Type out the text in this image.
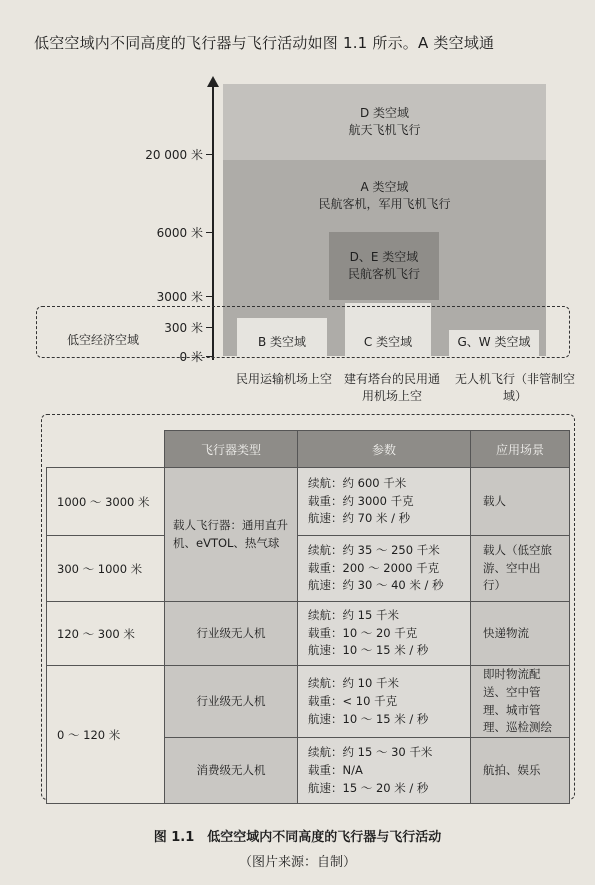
低空空域内不同高度的飞行器与飞行活动如图 1.1 所示。A 类空域通
20 000 米
6000 米
3000 米
300 米
0 米
D 类空域
航天飞机飞行
A 类空域
民航客机，军用飞机飞行
D、E 类空域
民航客机飞行
B 类空域	C 类空域	G、W 类空域
低空经济空域
民用运输机场上空 建有塔台的民用通用机场上空
无人机飞行（非管制空域）
	飞行器类型	参数	应用场景
1000 ～ 3000 米	载人飞行器：通用直升机、eVTOL、热气球	续航：约 600 千米
载重：约 3000 千克
航速：约 70 米 / 秒	载人
300 ～ 1000 米		续航：约 35 ～ 250 千米
载重：200 ～ 2000 千克
航速：约 30 ～ 40 米 / 秒	载人（低空旅游、空中出行）
120 ～ 300 米	行业级无人机	续航：约 15 千米
载重：10 ～ 20 千克
航速：10 ～ 15 米 / 秒	快递物流
0 ～ 120 米	行业级无人机	续航：约 10 千米
载重：< 10 千克
航速：10 ～ 15 米 / 秒	即时物流配送、空中管理、城市管理、巡检测绘
	消费级无人机	续航：约 15 ～ 30 千米
载重：N/A
航速：15 ～ 20 米 / 秒	航拍、娱乐
图 1.1　低空空域内不同高度的飞行器与飞行活动
（图片来源：自制）
